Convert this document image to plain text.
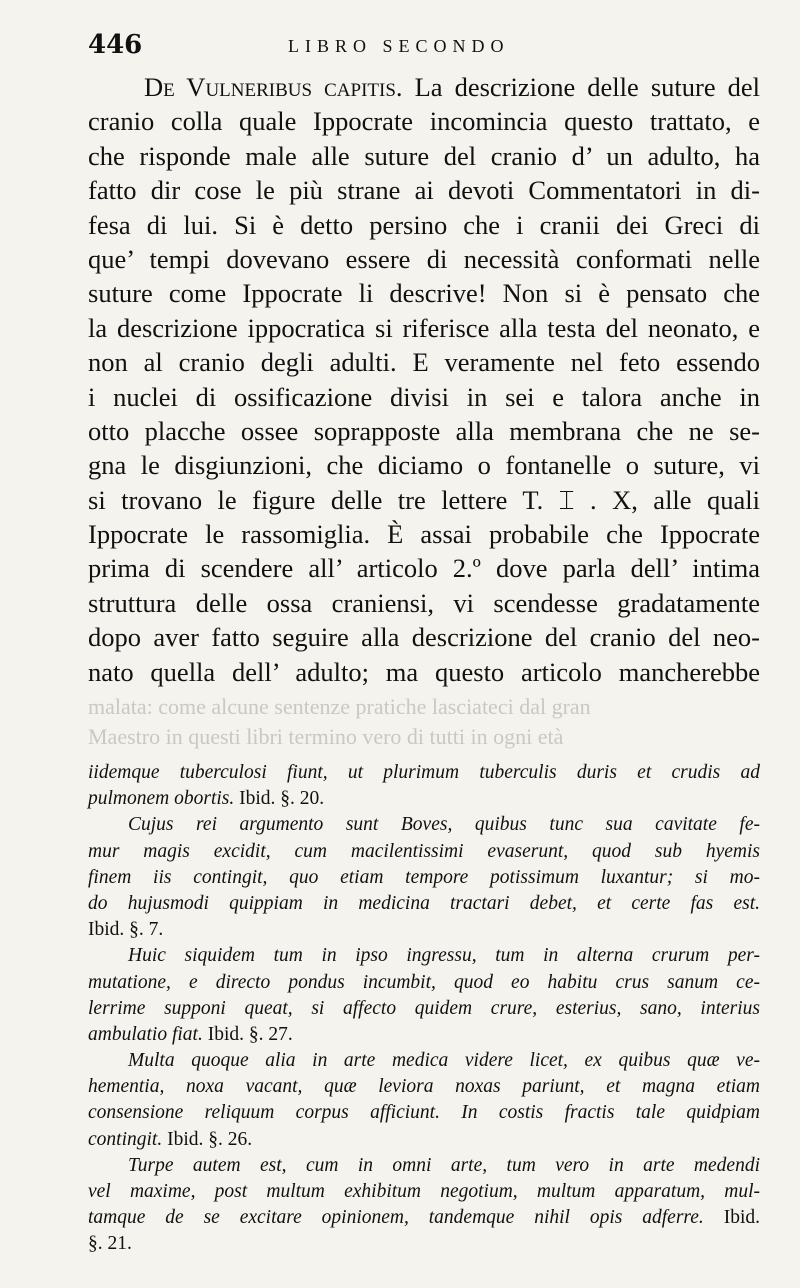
446	LIBRO SECONDO
De Vulneribus capitis. La descrizione delle suture del
cranio colla quale Ippocrate incomincia questo trattato, e
che risponde male alle suture del cranio d’ un adulto, ha
fatto dir cose le più strane ai devoti Commentatori in di-
fesa di lui. Si è detto persino che i cranii dei Greci di
que’ tempi dovevano essere di necessità conformati nelle
suture come Ippocrate li descrive! Non si è pensato che
la descrizione ippocratica si riferisce alla testa del neonato, e
non al cranio degli adulti. E veramente nel feto essendo
i nuclei di ossificazione divisi in sei e talora anche in
otto placche ossee soprapposte alla membrana che ne se-
gna le disgiunzioni, che diciamo o fontanelle o suture, vi
si trovano le figure delle tre lettere T. ⌶ . X, alle quali
Ippocrate le rassomiglia. È assai probabile che Ippocrate
prima di scendere all’ articolo 2.º dove parla dell’ intima
struttura delle ossa craniensi, vi scendesse gradatamente
dopo aver fatto seguire alla descrizione del cranio del neo-
nato quella dell’ adulto; ma questo articolo mancherebbe
malata: come alcune sentenze pratiche lasciateci dal gran
Maestro in questi libri termino vero di tutti in ogni età
iidemque tuberculosi fiunt, ut plurimum tuberculis duris et crudis ad
pulmonem obortis. Ibid. §. 20.
Cujus rei argumento sunt Boves, quibus tunc sua cavitate fe-
mur magis excidit, cum macilentissimi evaserunt, quod sub hyemis
finem iis contingit, quo etiam tempore potissimum luxantur; si mo-
do hujusmodi quippiam in medicina tractari debet, et certe fas est.
Ibid. §. 7.
Huic siquidem tum in ipso ingressu, tum in alterna crurum per-
mutatione, e directo pondus incumbit, quod eo habitu crus sanum ce-
lerrime supponi queat, si affecto quidem crure, esterius, sano, interius
ambulatio fiat. Ibid. §. 27.
Multa quoque alia in arte medica videre licet, ex quibus quæ ve-
hementia, noxa vacant, quæ leviora noxas pariunt, et magna etiam
consensione reliquum corpus afficiunt. In costis fractis tale quidpiam
contingit. Ibid. §. 26.
Turpe autem est, cum in omni arte, tum vero in arte medendi
vel maxime, post multum exhibitum negotium, multum apparatum, mul-
tamque de se excitare opinionem, tandemque nihil opis adferre. Ibid.
§. 21.
